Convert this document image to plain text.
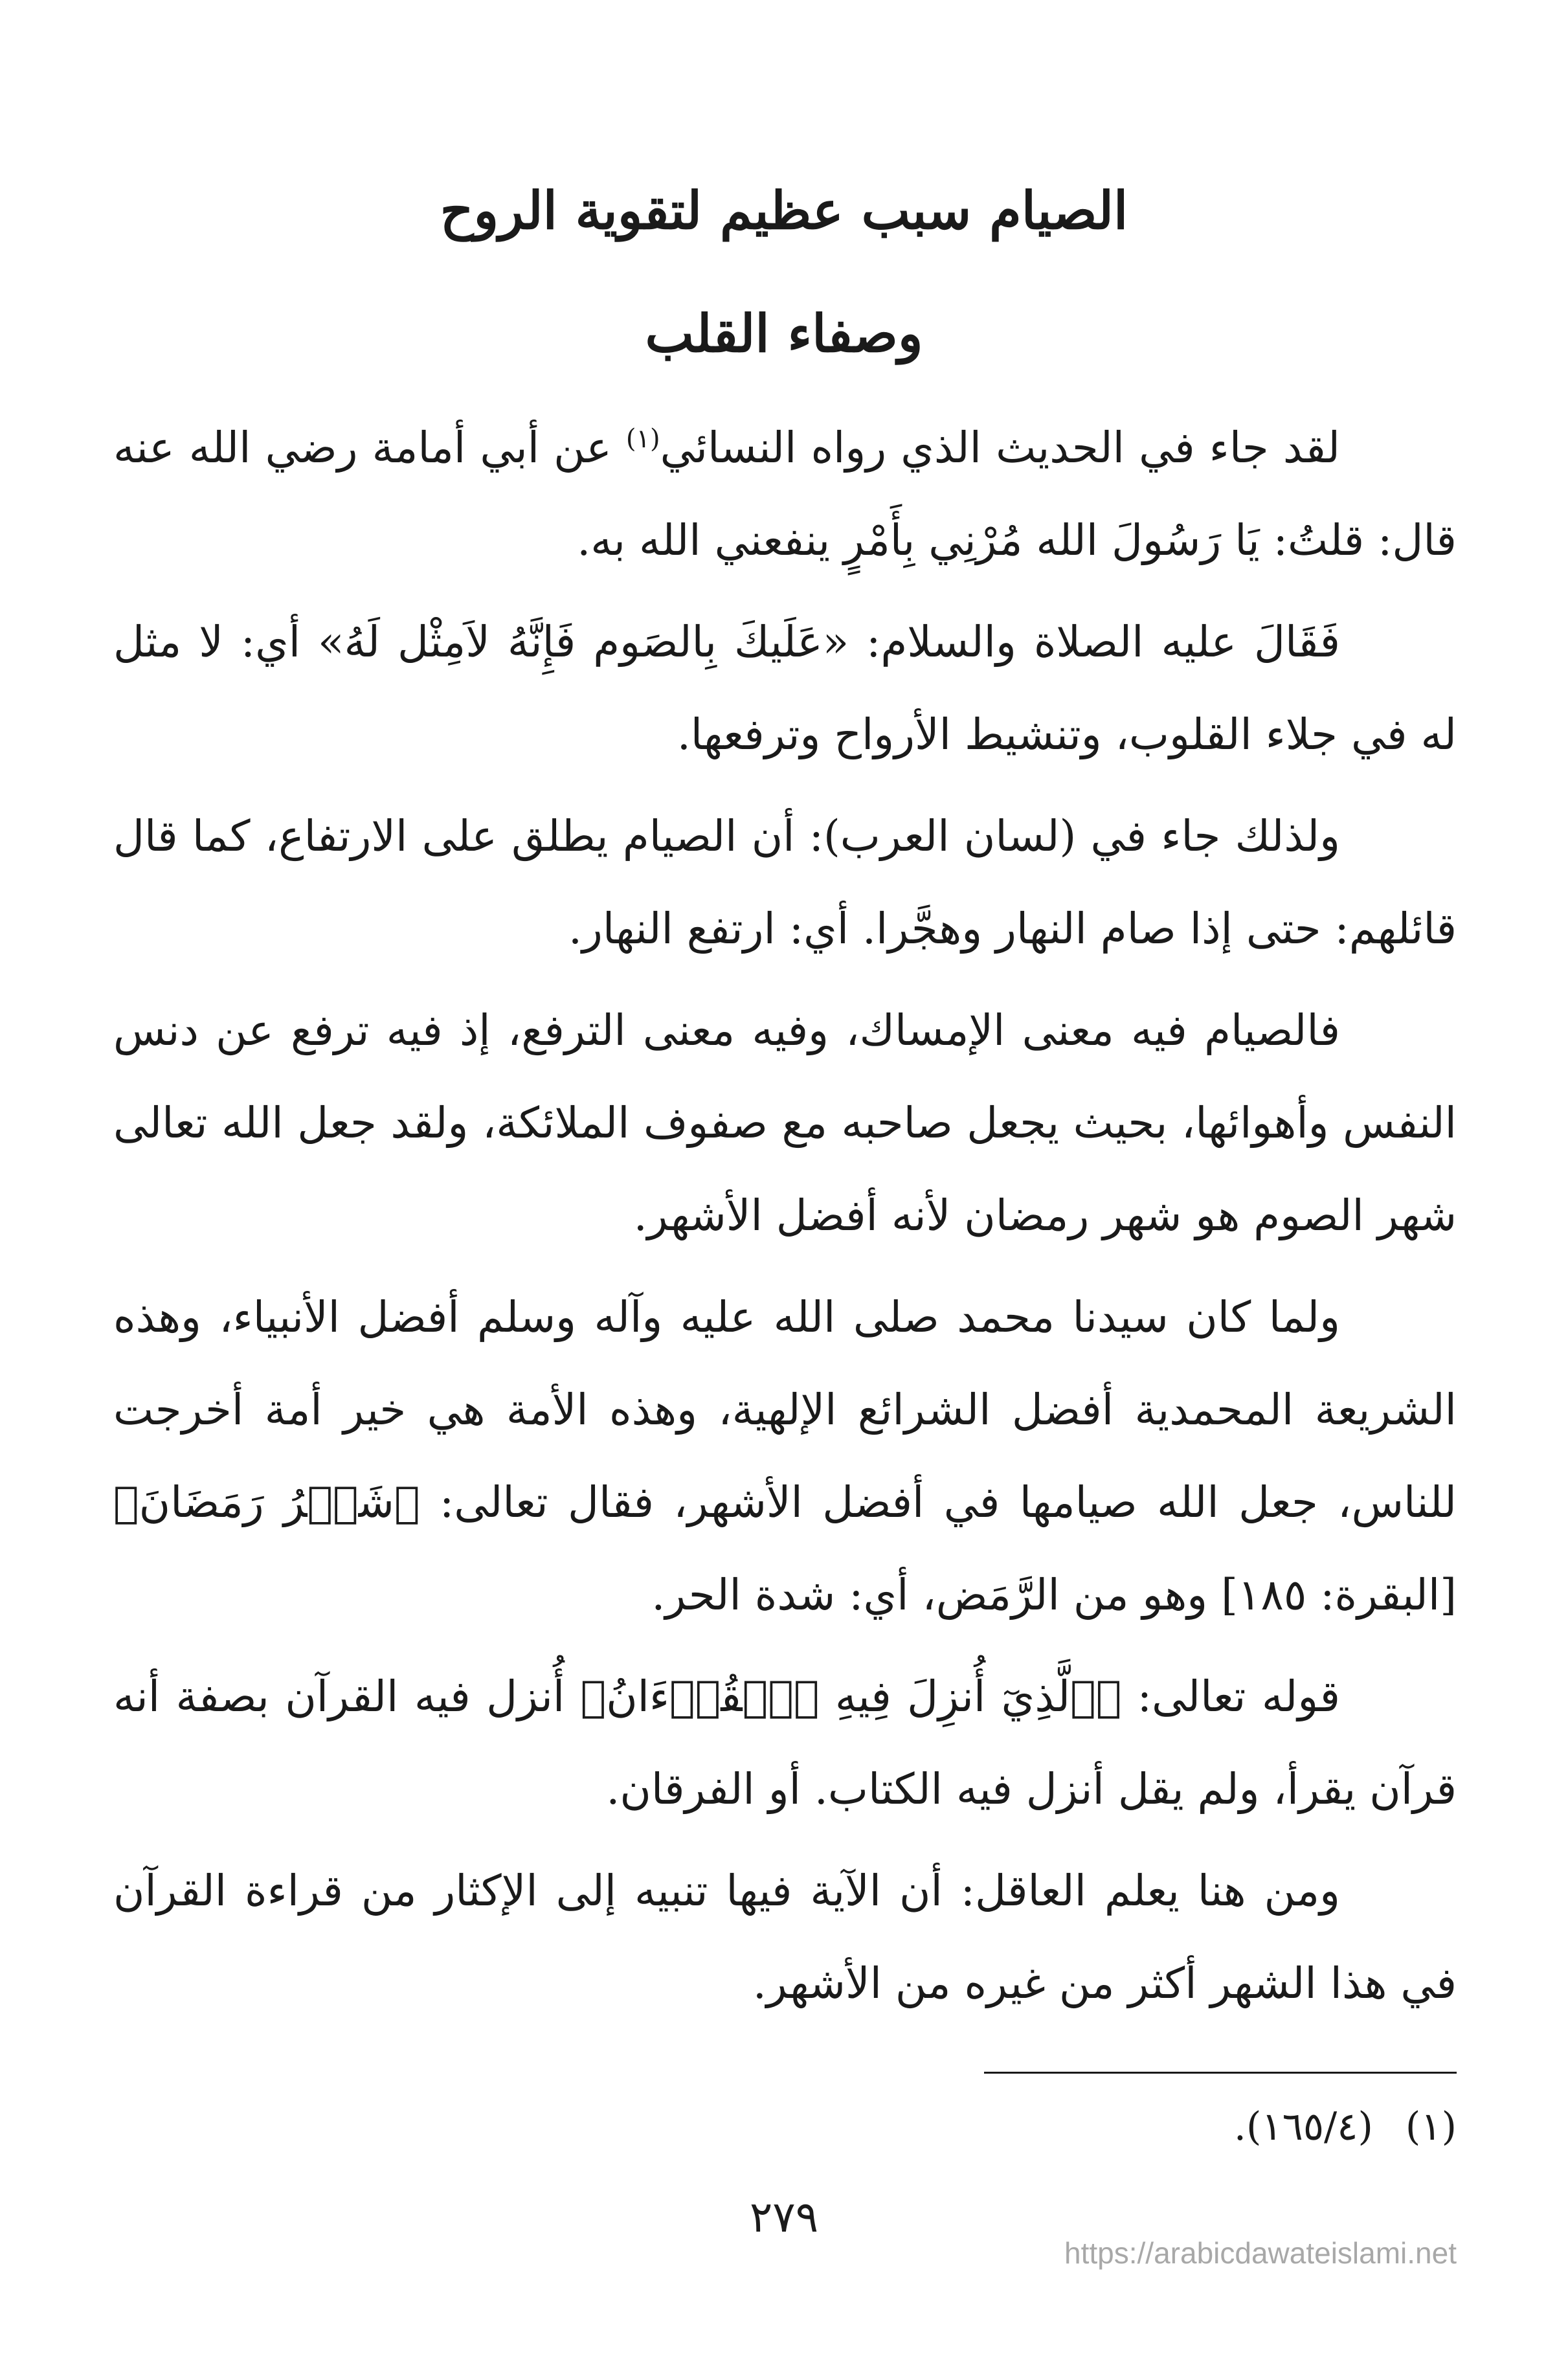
الصيام سبب عظيم لتقوية الروح
وصفاء القلب

لقد جاء في الحديث الذي رواه النسائي$^{(١)}$ عن أبي أمامة رضي الله عنه قال: قلتُ: يَا رَسُولَ الله مُرْنِي بِأَمْرٍ ينفعني الله به.

فَقَالَ عليه الصلاة والسلام: «عَلَيكَ بِالصَوم فَإِنَّهُ لاَمِثْل لَهُ» أي: لا مثل له في جلاء القلوب، وتنشيط الأرواح وترفعها.

ولذلك جاء في (لسان العرب): أن الصيام يطلق على الارتفاع، كما قال قائلهم: حتى إذا صام النهار وهجَّرا. أي: ارتفع النهار.

فالصيام فيه معنى الإمساك، وفيه معنى الترفع، إذ فيه ترفع عن دنس النفس وأهوائها، بحيث يجعل صاحبه مع صفوف الملائكة، ولقد جعل الله تعالى شهر الصوم هو شهر رمضان لأنه أفضل الأشهر.

ولما كان سيدنا محمد صلى الله عليه وآله وسلم أفضل الأنبياء، وهذه الشريعة المحمدية أفضل الشرائع الإلهية، وهذه الأمة هي خير أمة أخرجت للناس، جعل الله صيامها في أفضل الأشهر، فقال تعالى: ﴿شَهۡرُ رَمَضَانَ﴾ [البقرة: ١٨٥] وهو من الرَّمَض، أي: شدة الحر.

قوله تعالى: ﴿ٱلَّذِيٓ أُنزِلَ فِيهِ ٱلۡقُرۡءَانُ﴾ أُنزل فيه القرآن بصفة أنه قرآن يقرأ، ولم يقل أنزل فيه الكتاب. أو الفرقان.

ومن هنا يعلم العاقل: أن الآية فيها تنبيه إلى الإكثار من قراءة القرآن في هذا الشهر أكثر من غيره من الأشهر.

(١)(١٦٥/٤).
٢٧٩
https://arabicdawateislami.net
